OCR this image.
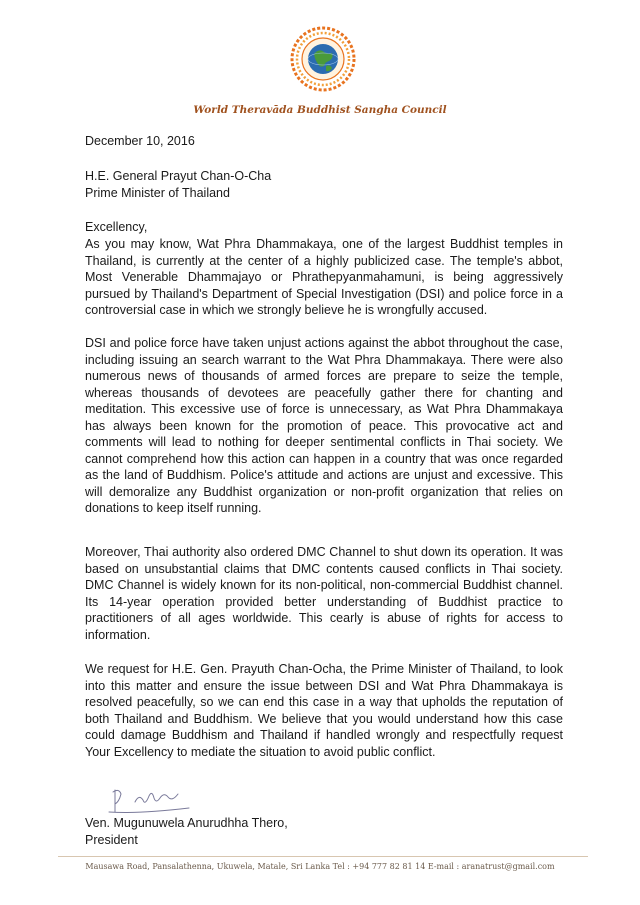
World Theravāda Buddhist Sangha Council
December 10, 2016
H.E. General Prayut Chan-O-Cha
Prime Minister of Thailand
Excellency,

As you may know, Wat Phra Dhammakaya, one of the largest Buddhist temples in Thailand, is currently at the center of a highly publicized case. The temple's abbot, Most Venerable Dhammajayo or Phrathepyanmahamuni, is being aggressively pursued by Thailand's Department of Special Investigation (DSI) and police force in a controversial case in which we strongly believe he is wrongfully accused.

DSI and police force have taken unjust actions against the abbot throughout the case, including issuing an search warrant to the Wat Phra Dhammakaya. There were also numerous news of thousands of armed forces are prepare to seize the temple, whereas thousands of devotees are peacefully gather there for chanting and meditation. This excessive use of force is unnecessary, as Wat Phra Dhammakaya has always been known for the promotion of peace. This provocative act and comments will lead to nothing for deeper sentimental conflicts in Thai society. We cannot comprehend how this action can happen in a country that was once regarded as the land of Buddhism. Police's attitude and actions are unjust and excessive. This will demoralize any Buddhist organization or non-profit organization that relies on donations to keep itself running.

Moreover, Thai authority also ordered DMC Channel to shut down its operation. It was based on unsubstantial claims that DMC contents caused conflicts in Thai society. DMC Channel is widely known for its non-political, non-commercial Buddhist channel. Its 14-year operation provided better understanding of Buddhist practice to practitioners of all ages worldwide. This cearly is abuse of rights for access to information.

We request for H.E. Gen. Prayuth Chan-Ocha, the Prime Minister of Thailand, to look into this matter and ensure the issue between DSI and Wat Phra Dhammakaya is resolved peacefully, so we can end this case in a way that upholds the reputation of both Thailand and Buddhism. We believe that you would understand how this case could damage Buddhism and Thailand if handled wrongly and respectfully request Your Excellency to mediate the situation to avoid public conflict.

Ven. Mugunuwela Anurudhha Thero,
President
Mausawa Road, Pansalathenna, Ukuwela, Matale, Sri Lanka Tel : +94 777 82 81 14 E-mail : aranatrust@gmail.com
